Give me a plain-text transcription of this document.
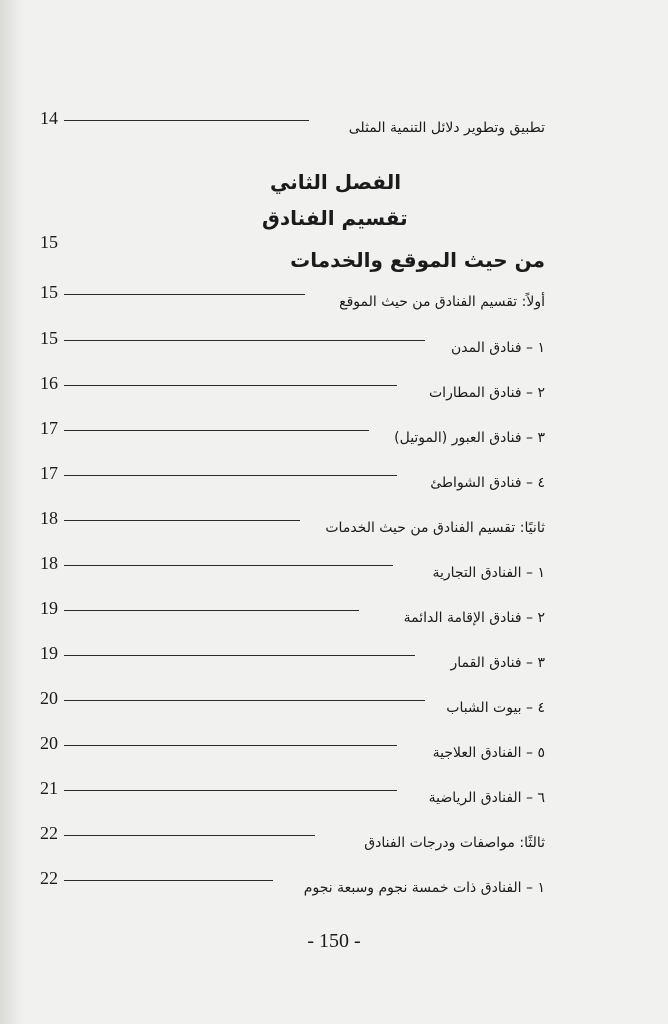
14	تطبيق وتطوير دلائل التنمية المثلى
الفصل الثاني
تقسيم الفنادق
15
من حيث الموقع والخدمات
15	أولاً: تقسيم الفنادق من حيث الموقع
15	١ – فنادق المدن
16	٢ – فنادق المطارات
17	٣ – فنادق العبور (الموتيل)
17	٤ – فنادق الشواطئ
18	ثانيًا: تقسيم الفنادق من حيث الخدمات
18	١ – الفنادق التجارية
19	٢ – فنادق الإقامة الدائمة
19	٣ – فنادق القمار
20	٤ – بيوت الشباب
20	٥ – الفنادق العلاجية
21	٦ – الفنادق الرياضية
22	ثالثًا: مواصفات ودرجات الفنادق
22	١ – الفنادق ذات خمسة نجوم وسبعة نجوم
- 150 -
